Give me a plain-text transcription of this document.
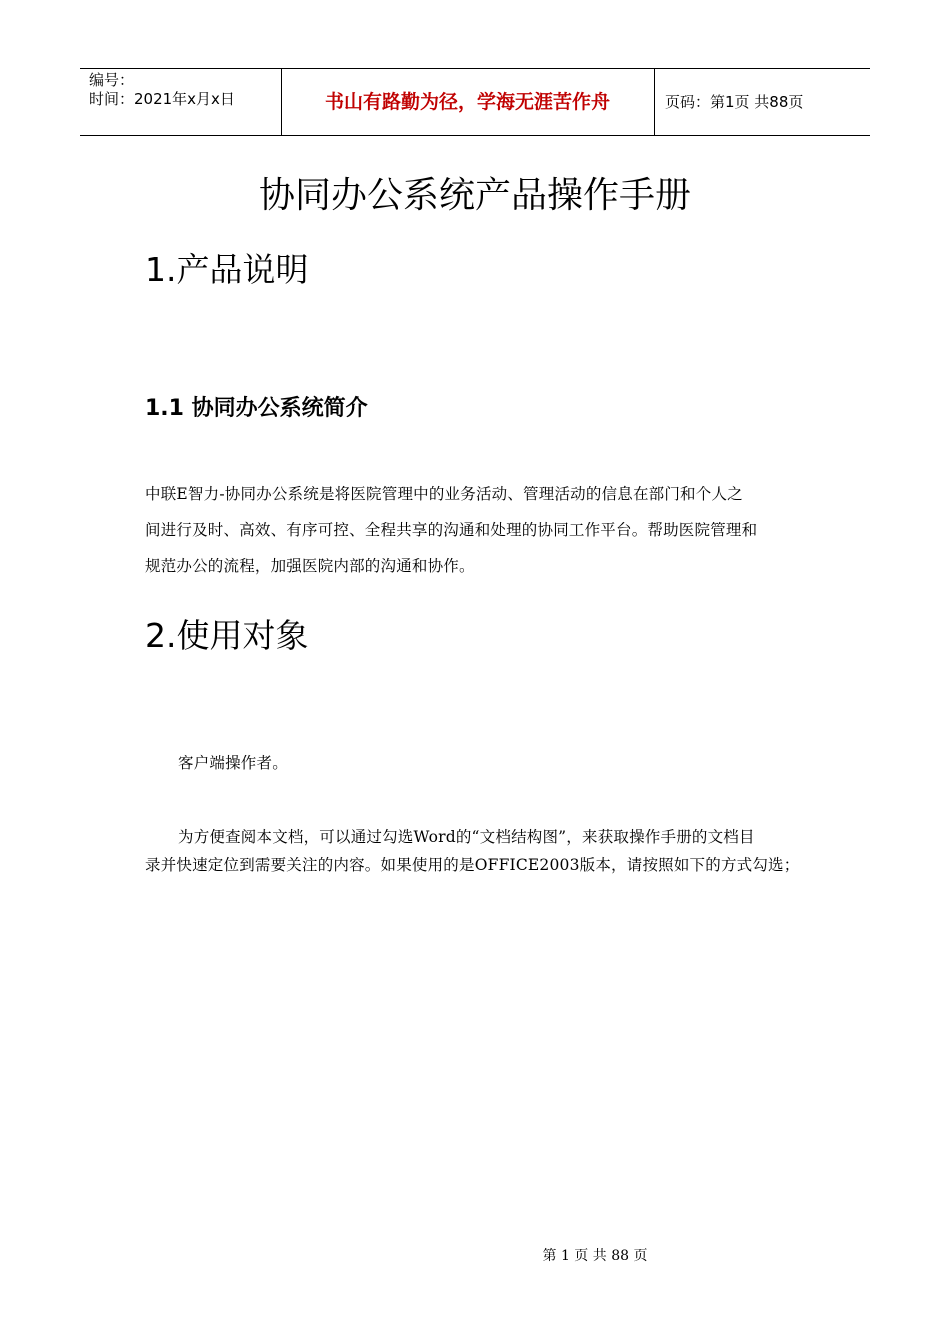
编号：
时间：2021年x月x日	书山有路勤为径，学海无涯苦作舟	页码：第1页 共88页
协同办公系统产品操作手册
1.产品说明
1.1 协同办公系统简介
中联E智力-协同办公系统是将医院管理中的业务活动、管理活动的信息在部门和个人之
间进行及时、高效、有序可控、全程共享的沟通和处理的协同工作平台。帮助医院管理和
规范办公的流程，加强医院内部的沟通和协作。
2.使用对象
客户端操作者。
为方便查阅本文档，可以通过勾选Word的“文档结构图”，来获取操作手册的文档目
录并快速定位到需要关注的内容。如果使用的是OFFICE2003版本，请按照如下的方式勾选；
第 1 页 共 88 页
